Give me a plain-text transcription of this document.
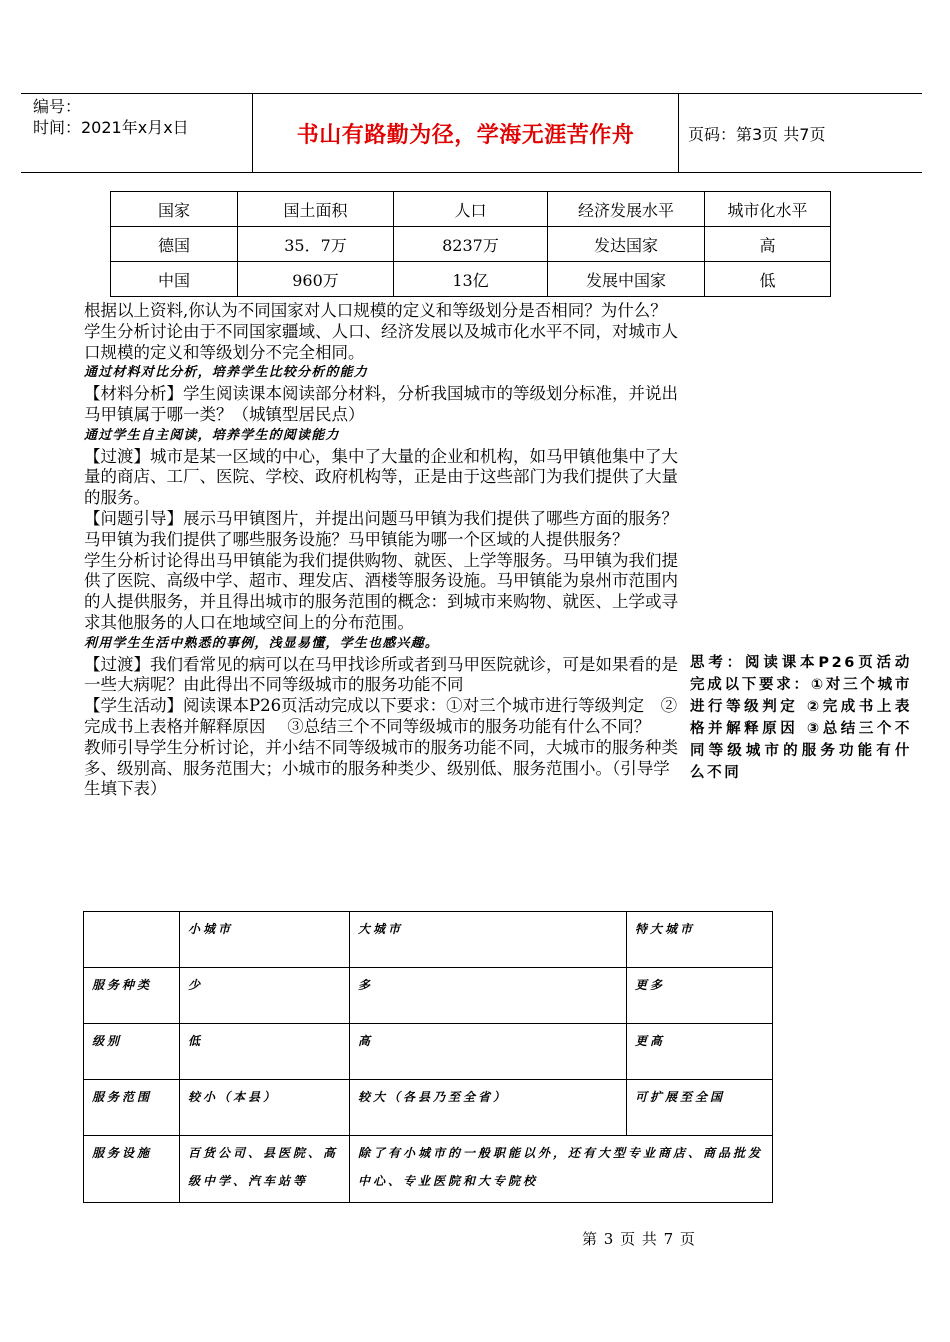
编号：
时间：2021年x月x日	书山有路勤为径，学海无涯苦作舟	页码：第3页 共7页
国家	国土面积	人口	经济发展水平	城市化水平
德国	35．7万	8237万	发达国家	高
中国	960万	13亿	发展中国家	低

根据以上资料,你认为不同国家对人口规模的定义和等级划分是否相同？为什么？

学生分析讨论由于不同国家疆域、人口、经济发展以及城市化水平不同，对城市人口规模的定义和等级划分不完全相同。

通过材料对比分析，培养学生比较分析的能力

【材料分析】学生阅读课本阅读部分材料，分析我国城市的等级划分标准，并说出马甲镇属于哪一类？（城镇型居民点）

通过学生自主阅读，培养学生的阅读能力

【过渡】城市是某一区域的中心，集中了大量的企业和机构，如马甲镇他集中了大量的商店、工厂、医院、学校、政府机构等，正是由于这些部门为我们提供了大量的服务。

【问题引导】展示马甲镇图片，并提出问题马甲镇为我们提供了哪些方面的服务？马甲镇为我们提供了哪些服务设施？马甲镇能为哪一个区域的人提供服务？

学生分析讨论得出马甲镇能为我们提供购物、就医、上学等服务。马甲镇为我们提供了医院、高级中学、超市、理发店、酒楼等服务设施。马甲镇能为泉州市范围内的人提供服务，并且得出城市的服务范围的概念：到城市来购物、就医、上学或寻求其他服务的人口在地域空间上的分布范围。

利用学生生活中熟悉的事例，浅显易懂，学生也感兴趣。

【过渡】我们看常见的病可以在马甲找诊所或者到马甲医院就诊，可是如果看的是一些大病呢？由此得出不同等级城市的服务功能不同

【学生活动】阅读课本P26页活动完成以下要求：①对三个城市进行等级判定　②完成书上表格并解释原因　 ③总结三个不同等级城市的服务功能有什么不同？

教师引导学生分析讨论，并小结不同等级城市的服务功能不同，大城市的服务种类多、级别高、服务范围大；小城市的服务种类少、级别低、服务范围小。（引导学生填下表）

思考：阅读课本P26页活动完成以下要求：①对三个城市进行等级判定 ②完成书上表格并解释原因 ③总结三个不同等级城市的服务功能有什么不同
	小城市	大城市	特大城市
服务种类	少	多	更多
级别	低	高	更高
服务范围	较小（本县）	较大（各县乃至全省）	可扩展至全国
服务设施	百货公司、县医院、高级中学、汽车站等	除了有小城市的一般职能以外，还有大型专业商店、商品批发中心、专业医院和大专院校	
第 3 页 共 7 页
